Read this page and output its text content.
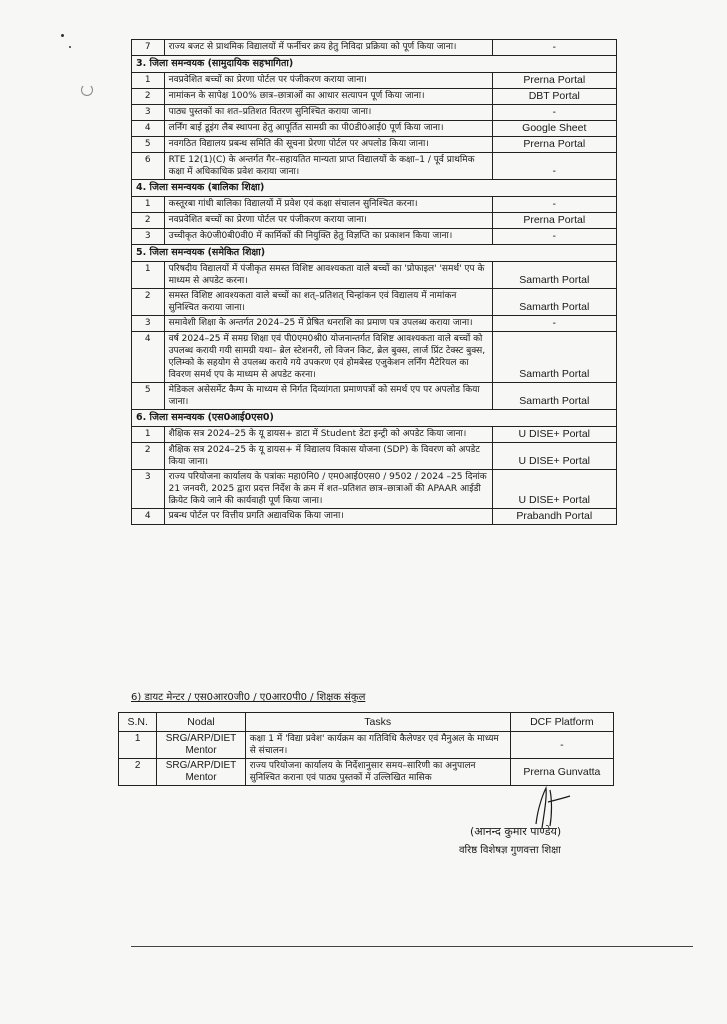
7	राज्य बजट से प्राथमिक विद्यालयों में फर्नीचर क्रय हेतु निविदा प्रक्रिया को पूर्ण किया जाना।	-
3. जिला समन्वयक (सामुदायिक सहभागिता)		
1	नवप्रवेशित बच्चों का प्रेरणा पोर्टल पर पंजीकरण कराया जाना।	Prerna Portal
2	नामांकन के सापेक्ष 100% छात्र–छात्राओं का आधार सत्यापन पूर्ण किया जाना।	DBT Portal
3	पाठ्य पुस्तकों का शत–प्रतिशत वितरण सुनिश्चित कराया जाना।	-
4	लर्निंग बाई डूइंग लैब स्थापना हेतु आपूर्तित सामग्री का पी0डी0आई0 पूर्ण किया जाना।	Google Sheet
5	नवगठित विद्यालय प्रबन्ध समिति की सूचना प्रेरणा पोर्टल पर अपलोड किया जाना।	Prerna Portal
6	RTE 12(1)(C) के अन्तर्गत गैर–सहायतित मान्यता प्राप्त विद्यालयों के कक्षा–1 / पूर्व प्राथमिक कक्षा में अधिकाधिक प्रवेश कराया जाना।	-
4. जिला समन्वयक (बालिका शिक्षा)		
1	कस्तूरबा गांधी बालिका विद्यालयों में प्रवेश एवं कक्षा संचालन सुनिश्चित करना।	-
2	नवप्रवेशित बच्चों का प्रेरणा पोर्टल पर पंजीकरण कराया जाना।	Prerna Portal
3	उच्चीकृत के0जी0बी0वी0 में कार्मिकों की नियुक्ति हेतु विज्ञप्ति का प्रकाशन किया जाना।	-
5. जिला समन्वयक (समेकित शिक्षा)		
1	परिषदीय विद्यालयों में पंजीकृत समस्त विशिष्ट आवश्यकता वाले बच्चों का 'प्रोफाइल' 'समर्थ' एप के माध्यम से अपडेट करना।	Samarth Portal
2	समस्त विशिष्ट आवश्यकता वाले बच्चों का शत्–प्रतिशत् चिन्हांकन एवं विद्यालय में नामांकन सुनिश्चित कराया जाना।	Samarth Portal
3	समावेशी शिक्षा के अन्तर्गत 2024–25 में प्रेषित धनराशि का प्रमाण पत्र उपलब्ध कराया जाना।	-
4	वर्ष 2024–25 में समग्र शिक्षा एवं पी0एम0श्री0 योजनान्तर्गत विशिष्ट आवश्यकता वाले बच्चों को उपलब्ध करायी गयी सामग्री यथा– ब्रेल स्टेशनरी, लो विजन किट, ब्रेल बुक्स, लार्ज प्रिंट टेक्स्ट बुक्स, एलिम्को के सहयोग से उपलब्ध कराये गये उपकरण एवं होमबेस्ड एजुकेशन लर्निंग मैटेरियल का विवरण समर्थ एप के माध्यम से अपडेट करना।	Samarth Portal
5	मेडिकल असेसमेंट कैम्प के माध्यम से निर्गत दिव्यांगता प्रमाणपत्रों को समर्थ एप पर अपलोड किया जाना।	Samarth Portal
6. जिला समन्वयक (एस0आई0एस0)		
1	शैक्षिक सत्र 2024–25 के यू डायस+ डाटा में Student डेटा इन्ट्री को अपडेट किया जाना।	U DISE+ Portal
2	शैक्षिक सत्र 2024–25 के यू डायस+ में विद्यालय विकास योजना (SDP) के विवरण को अपडेट किया जाना।	U DISE+ Portal
3	राज्य परियोजना कार्यालय के पत्रांकः महा0नि0 / एम0आई0एस0 / 9502 / 2024 –25 दिनांक 21 जनवरी, 2025 द्वारा प्रदत्त निर्देश के क्रम में शत–प्रतिशत छात्र–छात्राओं की APAAR आईडी क्रियेट किये जाने की कार्यवाही पूर्ण किया जाना।	U DISE+ Portal
4	प्रबन्ध पोर्टल पर वित्तीय प्रगति अद्यावधिक किया जाना।	Prabandh Portal
6) डायट मेन्टर / एस0आर0जी0 / ए0आर0पी0 / शिक्षक संकुल
S.N.	Nodal	Tasks	DCF Platform
1	SRG/ARP/DIET Mentor	कक्षा 1 में 'विद्या प्रवेश' कार्यक्रम का गतिविधि कैलेण्डर एवं मैनुअल के माध्यम से संचालन।	-
2	SRG/ARP/DIET Mentor	राज्य परियोजना कार्यालय के निर्देशानुसार समय–सारिणी का अनुपालन सुनिश्चित कराना एवं पाठ्य पुस्तकों में उल्लिखित मासिक	Prerna Gunvatta
(आनन्द कुमार पाण्डेय)
वरिष्ठ विशेषज्ञ गुणवत्ता शिक्षा
